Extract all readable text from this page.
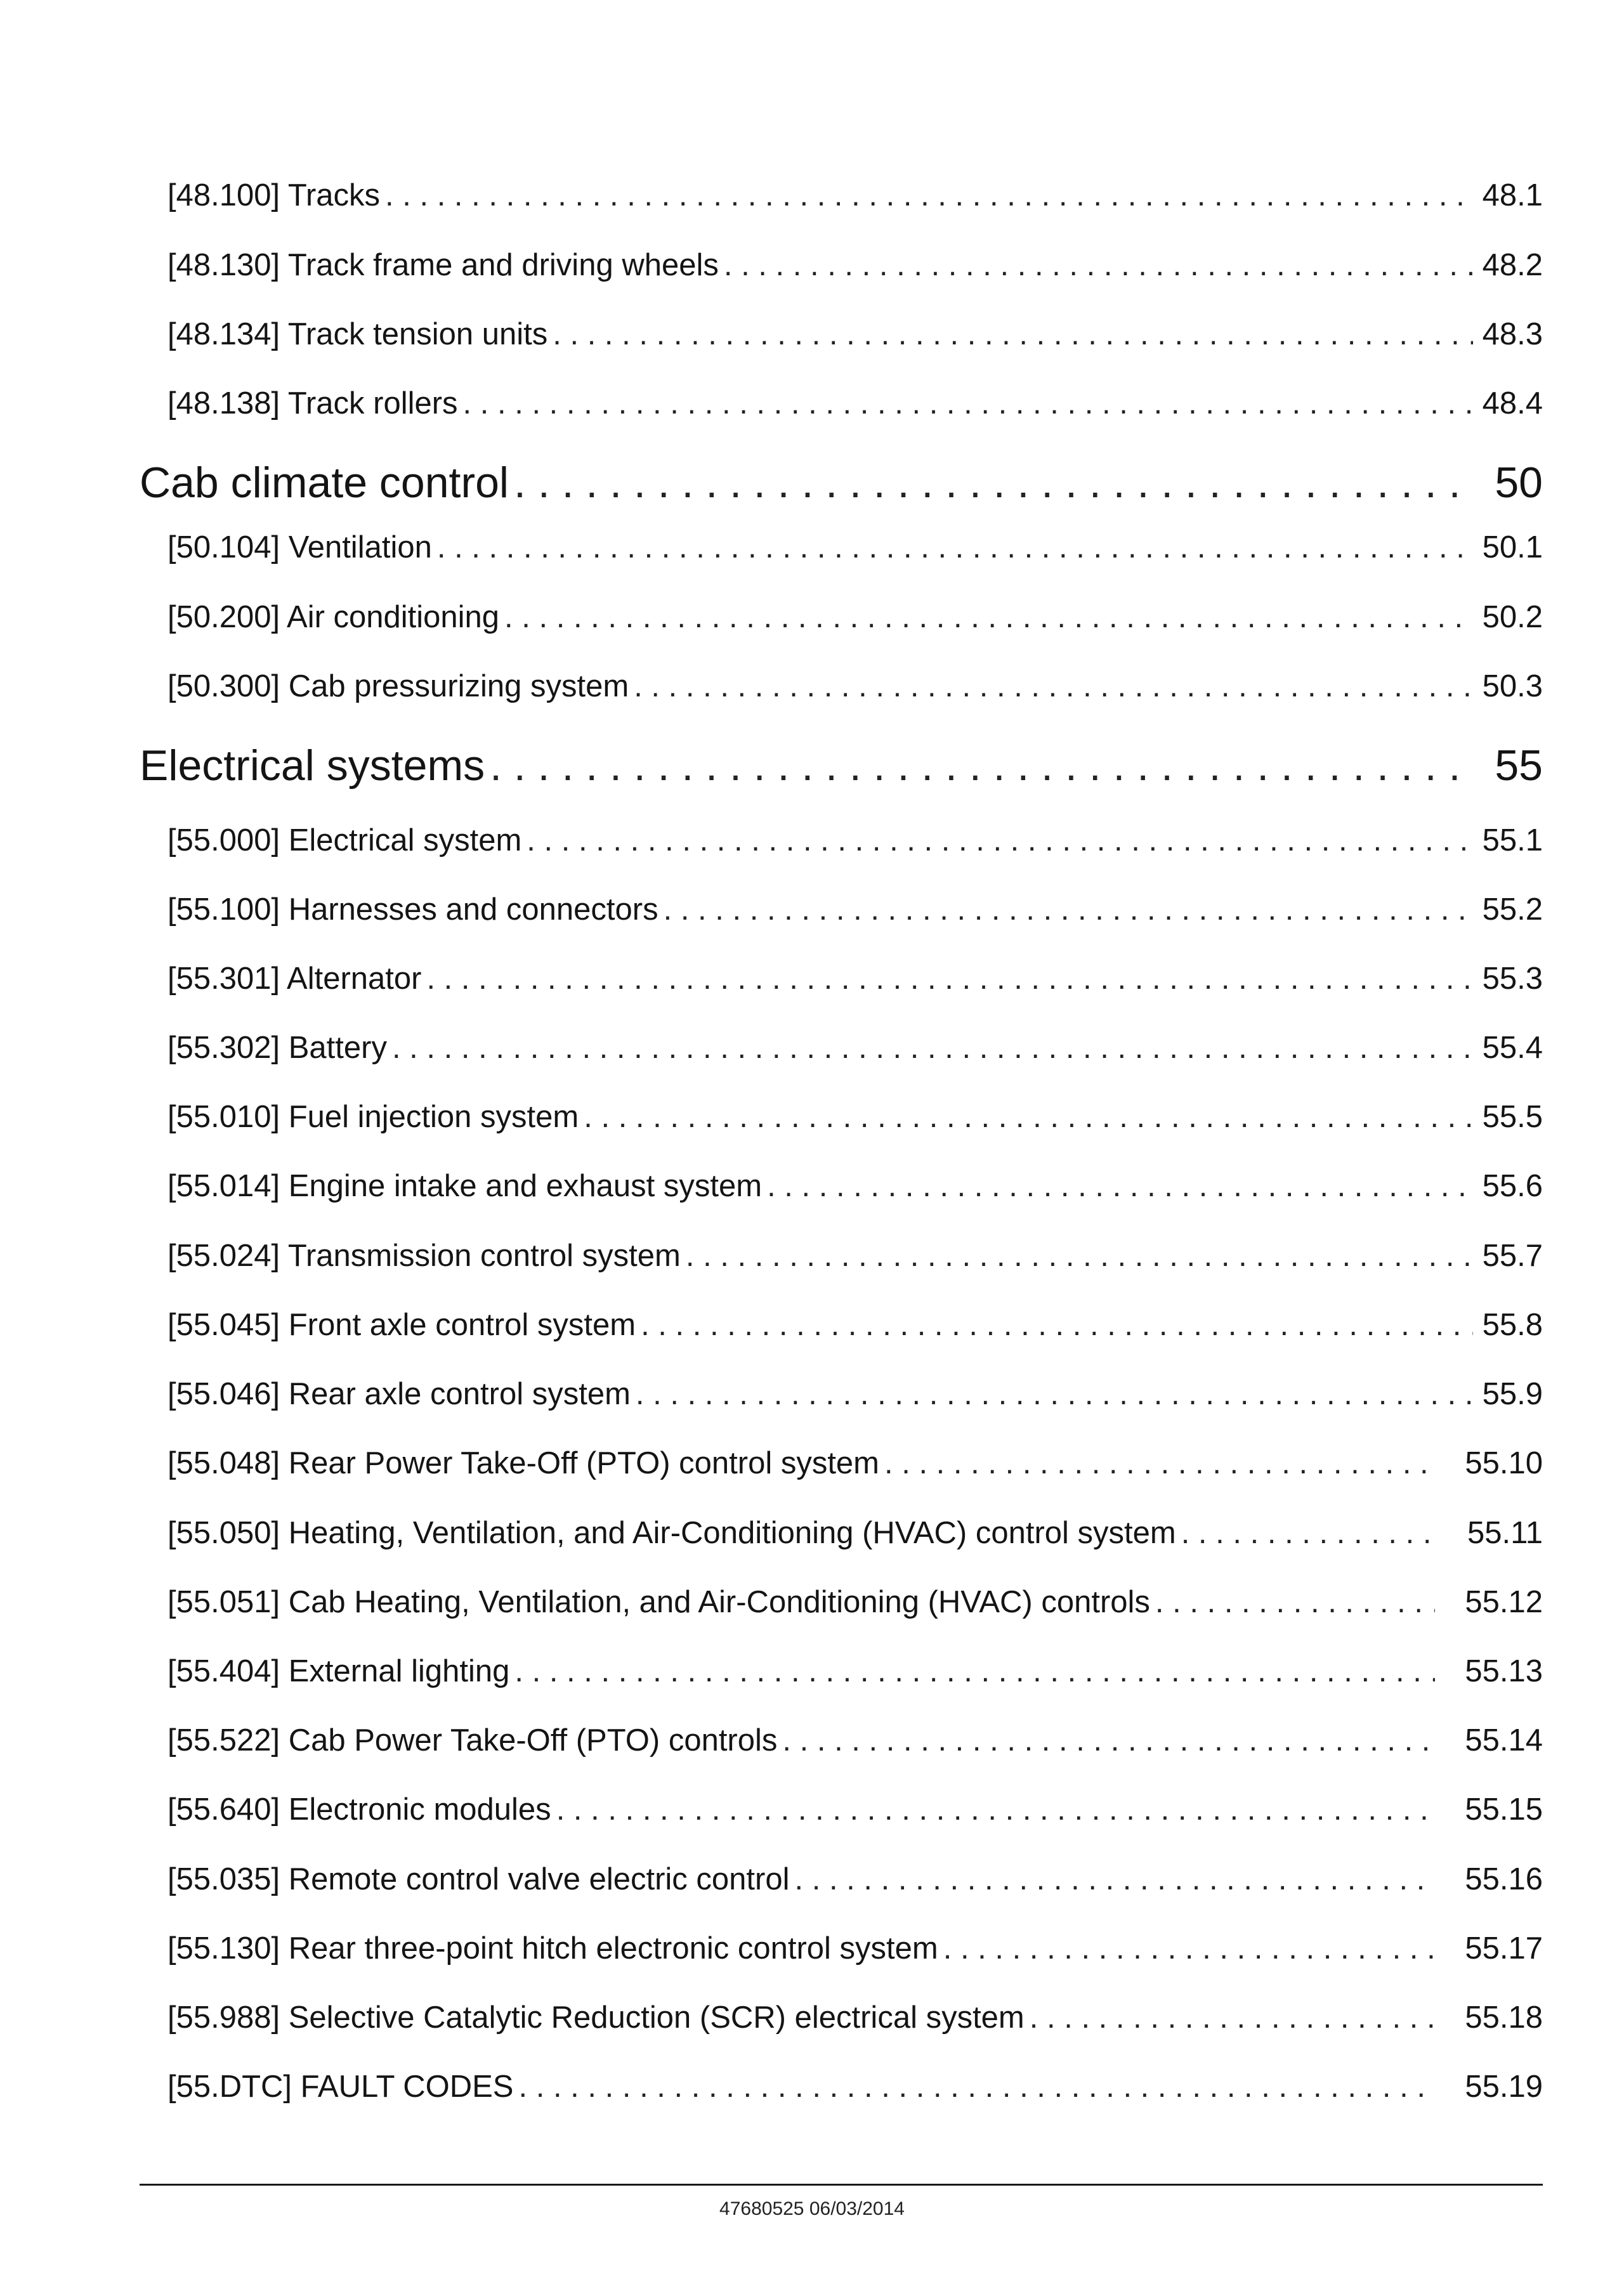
[48.100] Tracks . . .	48.1
[48.130] Track frame and driving wheels . . .	48.2
[48.134] Track tension units . . .	48.3
[48.138] Track rollers . . .	48.4
Cab climate control . . .	50
[50.104] Ventilation . . .	50.1
[50.200] Air conditioning . . .	50.2
[50.300] Cab pressurizing system . . .	50.3
Electrical systems . . .	55
[55.000] Electrical system . . .	55.1
[55.100] Harnesses and connectors . . .	55.2
[55.301] Alternator . . .	55.3
[55.302] Battery . . .	55.4
[55.010] Fuel injection system . . .	55.5
[55.014] Engine intake and exhaust system . . .	55.6
[55.024] Transmission control system . . .	55.7
[55.045] Front axle control system . . .	55.8
[55.046] Rear axle control system . . .	55.9
[55.048] Rear Power Take-Off (PTO) control system . . .	55.10
[55.050] Heating, Ventilation, and Air-Conditioning (HVAC) control system . . .	55.11
[55.051] Cab Heating, Ventilation, and Air-Conditioning (HVAC) controls . . .	55.12
[55.404] External lighting . . .	55.13
[55.522] Cab Power Take-Off (PTO) controls . . .	55.14
[55.640] Electronic modules . . .	55.15
[55.035] Remote control valve electric control . . .	55.16
[55.130] Rear three-point hitch electronic control system . . .	55.17
[55.988] Selective Catalytic Reduction (SCR) electrical system . . .	55.18
[55.DTC] FAULT CODES . . .	55.19
47680525 06/03/2014
